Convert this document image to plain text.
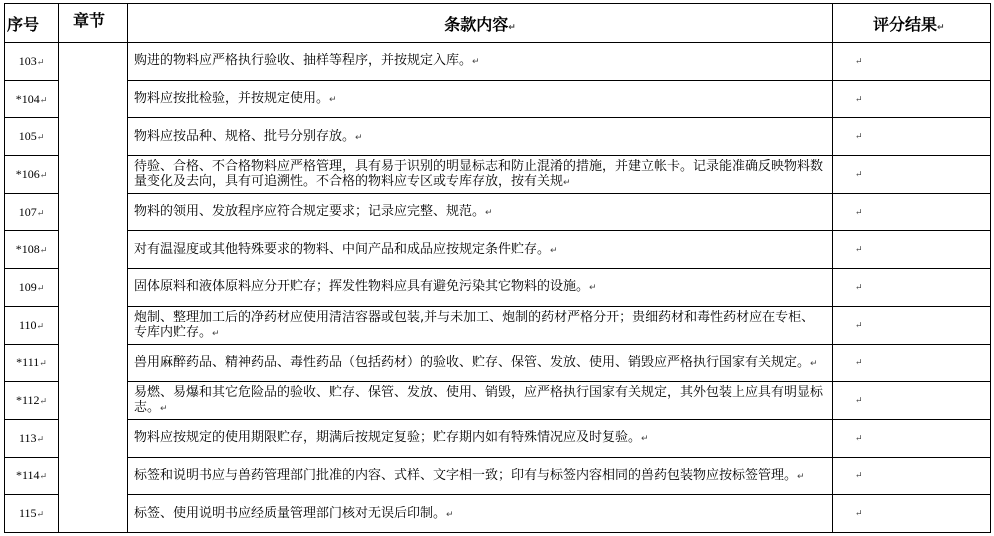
序号	章节	条款内容↵	评分结果↵
103↵		购进的物料应严格执行验收、抽样等程序，并按规定入库。↵	↵
*104↵		物料应按批检验，并按规定使用。↵	↵
105↵		物料应按品种、规格、批号分别存放。↵	↵
*106↵		待验、合格、不合格物料应严格管理，具有易于识别的明显标志和防止混淆的措施，并建立帐卡。记录能准确反映物料数量变化及去向，具有可追溯性。不合格的物料应专区或专库存放，按有关规↵	↵
107↵		物料的领用、发放程序应符合规定要求；记录应完整、规范。↵	↵
*108↵		对有温湿度或其他特殊要求的物料、中间产品和成品应按规定条件贮存。↵	↵
109↵		固体原料和液体原料应分开贮存；挥发性物料应具有避免污染其它物料的设施。↵	↵
110↵		炮制、整理加工后的净药材应使用清洁容器或包装,并与未加工、炮制的药材严格分开；贵细药材和毒性药材应在专柜、专库内贮存。↵	↵
*111↵		兽用麻醉药品、精神药品、毒性药品（包括药材）的验收、贮存、保管、发放、使用、销毁应严格执行国家有关规定。↵	↵
*112↵		易燃、易爆和其它危险品的验收、贮存、保管、发放、使用、销毁，应严格执行国家有关规定，其外包装上应具有明显标志。↵	↵
113↵		物料应按规定的使用期限贮存，期满后按规定复验；贮存期内如有特殊情况应及时复验。↵	↵
*114↵		标签和说明书应与兽药管理部门批准的内容、式样、文字相一致；印有与标签内容相同的兽药包装物应按标签管理。↵	↵
115↵		标签、使用说明书应经质量管理部门核对无误后印制。↵	↵
